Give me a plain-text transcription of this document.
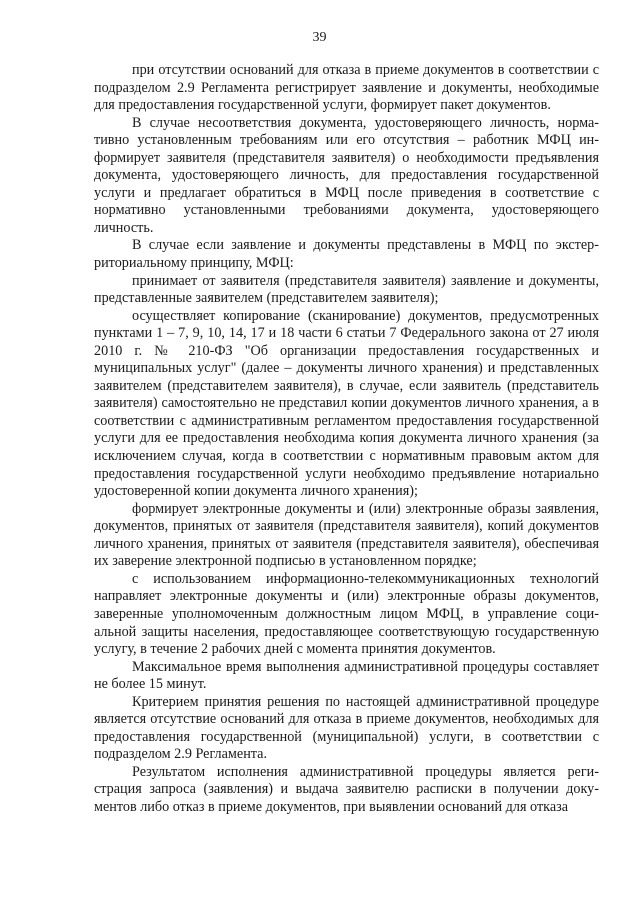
39

при отсутствии оснований для отказа в приеме документов в соответствии с подразделом 2.9 Регламента регистрирует заявление и документы, необходимые для предоставления государственной услуги, формирует пакет документов.

В случае несоответствия документа, удостоверяющего личность, нормативно установленным требованиям или его отсутствия – работник МФЦ информирует заявителя (представителя заявителя) о необходимости предъявления документа, удостоверяющего личность, для предоставления государственной услуги и предлагает обратиться в МФЦ после приведения в соответствие с нормативно установленными требованиями документа, удостоверяющего личность.

В случае если заявление и документы представлены в МФЦ по экстерриториальному принципу, МФЦ:

принимает от заявителя (представителя заявителя) заявление и документы, представленные заявителем (представителем заявителя);

осуществляет копирование (сканирование) документов, предусмотренных пунктами 1 – 7, 9, 10, 14, 17 и 18 части 6 статьи 7 Федерального закона от 27 июля 2010 г. № 210-ФЗ "Об организации предоставления государственных и муниципальных услуг" (далее – документы личного хранения) и представленных заявителем (представителем заявителя), в случае, если заявитель (представитель заявителя) самостоятельно не представил копии документов личного хранения, а в соответствии с административным регламентом предоставления государственной услуги для ее предоставления необходима копия документа личного хранения (за исключением случая, когда в соответствии с нормативным правовым актом для предоставления государственной услуги необходимо предъявление нотариально удостоверенной копии документа личного хранения);

формирует электронные документы и (или) электронные образы заявления, документов, принятых от заявителя (представителя заявителя), копий документов личного хранения, принятых от заявителя (представителя заявителя), обеспечивая их заверение электронной подписью в установленном порядке;

с использованием информационно-телекоммуникационных технологий направляет электронные документы и (или) электронные образы документов, заверенные уполномоченным должностным лицом МФЦ, в управление социальной защиты населения, предоставляющее соответствующую государственную услугу, в течение 2 рабочих дней с момента принятия документов.

Максимальное время выполнения административной процедуры составляет не более 15 минут.

Критерием принятия решения по настоящей административной процедуре является отсутствие оснований для отказа в приеме документов, необходимых для предоставления государственной (муниципальной) услуги, в соответствии с подразделом 2.9 Регламента.

Результатом исполнения административной процедуры является регистрация запроса (заявления) и выдача заявителю расписки в получении документов либо отказ в приеме документов, при выявлении оснований для отказа
